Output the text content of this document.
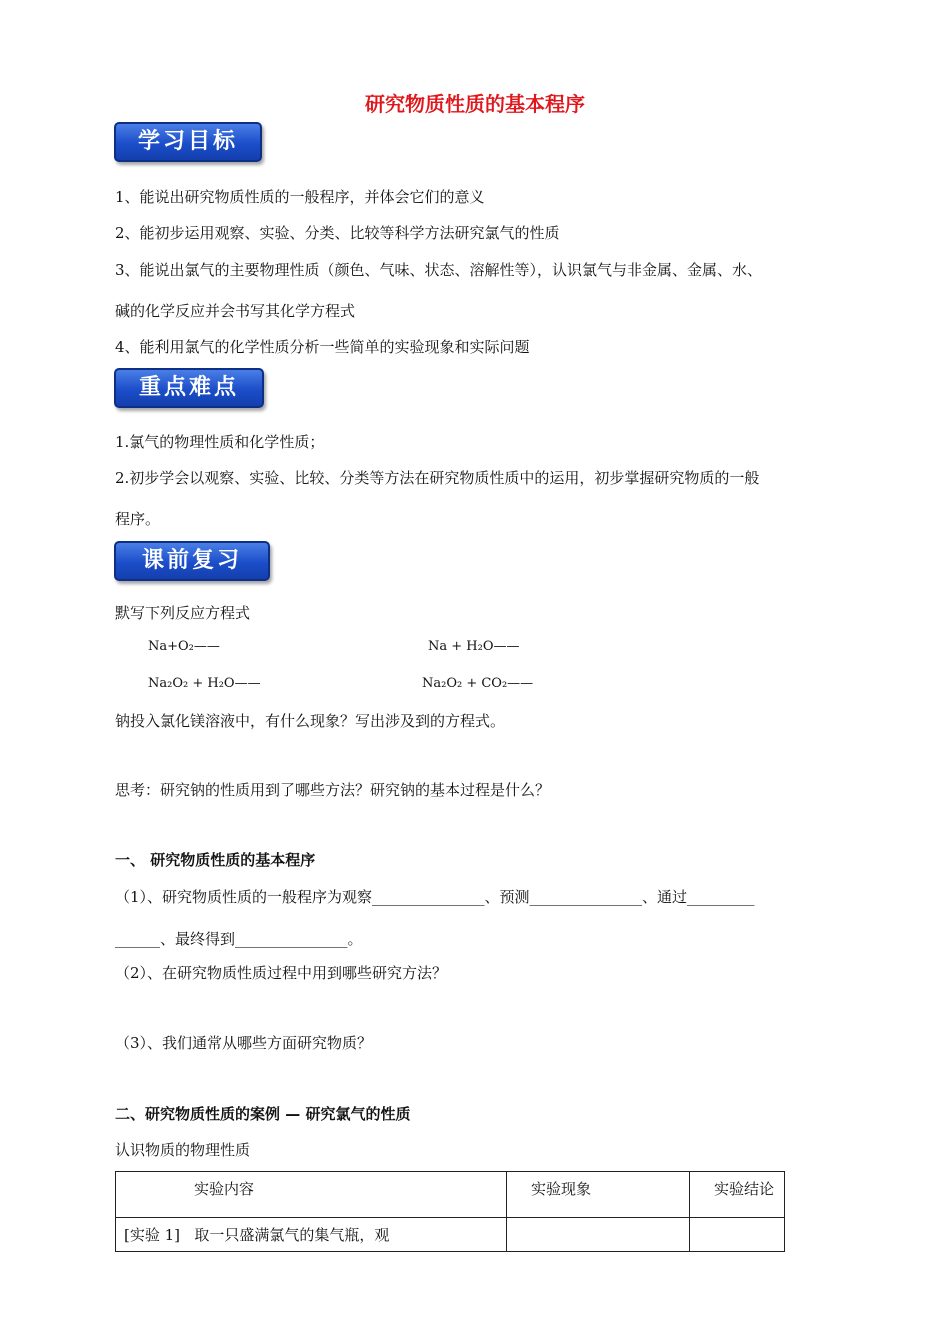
研究物质性质的基本程序
学习目标
1、能说出研究物质性质的一般程序，并体会它们的意义
2、能初步运用观察、实验、分类、比较等科学方法研究氯气的性质
3、能说出氯气的主要物理性质（颜色、气味、状态、溶解性等），认识氯气与非金属、金属、水、
碱的化学反应并会书写其化学方程式
4、能利用氯气的化学性质分析一些简单的实验现象和实际问题
重点难点
1.氯气的物理性质和化学性质；
2.初步学会以观察、实验、比较、分类等方法在研究物质性质中的运用，初步掌握研究物质的一般
程序。
课前复习
默写下列反应方程式
Na+O₂——	Na + H₂O——
Na₂O₂ + H₂O——	Na₂O₂ + CO₂——
钠投入氯化镁溶液中，有什么现象？写出涉及到的方程式。
思考：研究钠的性质用到了哪些方法？研究钠的基本过程是什么？
一、 研究物质性质的基本程序
（1）、研究物质性质的一般程序为观察_______________、预测_______________、通过_________
______、最终得到_______________。
（2）、在研究物质性质过程中用到哪些研究方法？
（3）、我们通常从哪些方面研究物质？
二、研究物质性质的案例 — 研究氯气的性质
认识物质的物理性质
实验内容	实验现象	实验结论
[实验 1] 取一只盛满氯气的集气瓶，观		
